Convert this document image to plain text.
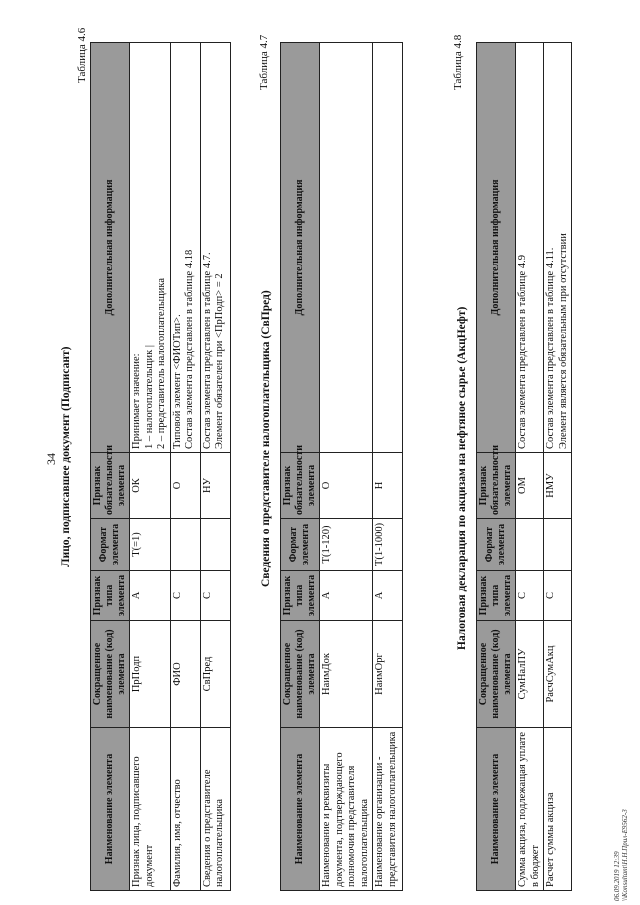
34
Таблица 4.6
Лицо, подписавшее документ (Подписант)
Наименование элемента	Сокращенное наименование (код) элемента	Признак типа элемента	Формат элемента	Признак обязательности элемента	Дополнительная информация
Признак лица, подписавшего документ	ПрПодп	А	T(=1)	ОК	Принимает значение:
1 – налогоплательщик |
2 – представитель налогоплательщика
Фамилия, имя, отчество	ФИО	С		О	Типовой элемент <ФИОТип>.
Состав элемента представлен в таблице 4.18
Сведения о представителе налогоплательщика	СвПред	С		НУ	Состав элемента представлен в таблице 4.7.
Элемент обязателен при <ПрПодп> = 2
Таблица 4.7
Сведения о представителе налогоплательщика (СвПред)
Наименование элемента	Сокращенное наименование (код) элемента	Признак типа элемента	Формат элемента	Признак обязательности элемента	Дополнительная информация
Наименование и реквизиты документа, подтверждающего полномочия представителя налогоплательщика	НаимДок	А	T(1-120)	О	
Наименование организации - представителя налогоплательщика	НаимОрг	А	T(1-1000)	Н	
Таблица 4.8
Налоговая декларация по акцизам на нефтяное сырье (АкцНефт)
Наименование элемента	Сокращенное наименование (код) элемента	Признак типа элемента	Формат элемента	Признак обязательности элемента	Дополнительная информация
Сумма акциза, подлежащая уплате в бюджет	СумНалПУ	С		ОМ	Состав элемента представлен в таблице 4.9
Расчет суммы акциза	РасчСумАкц	С		НМУ	Состав элемента представлен в таблице 4.11.
Элемент является обязательным при отсутствии
06.09.2019 12:39 \\Konsultant\Н.Н.Прил-Е9562-3
